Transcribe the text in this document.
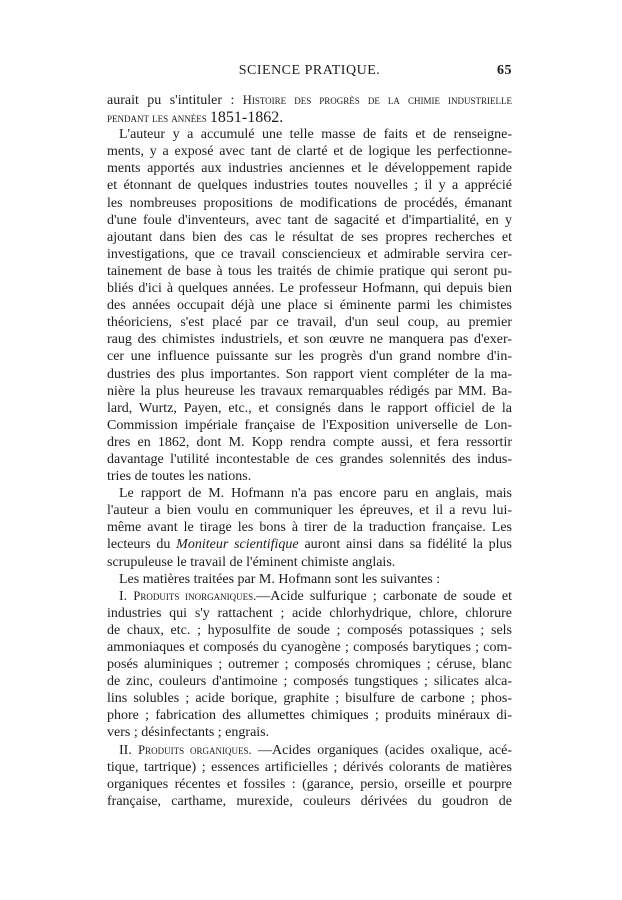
SCIENCE PRATIQUE.	65
aurait pu s'intituler : Histoire des progrès de la chimie industrielle
pendant les années 1851-1862.
L'auteur y a accumulé une telle masse de faits et de renseigne-
ments, y a exposé avec tant de clarté et de logique les perfectionne-
ments apportés aux industries anciennes et le développement rapide
et étonnant de quelques industries toutes nouvelles ; il y a apprécié
les nombreuses propositions de modifications de procédés, émanant
d'une foule d'inventeurs, avec tant de sagacité et d'impartialité, en y
ajoutant dans bien des cas le résultat de ses propres recherches et
investigations, que ce travail consciencieux et admirable servira cer-
tainement de base à tous les traités de chimie pratique qui seront pu-
bliés d'ici à quelques années. Le professeur Hofmann, qui depuis bien
des années occupait déjà une place si éminente parmi les chimistes
théoriciens, s'est placé par ce travail, d'un seul coup, au premier
raug des chimistes industriels, et son œuvre ne manquera pas d'exer-
cer une influence puissante sur les progrès d'un grand nombre d'in-
dustries des plus importantes. Son rapport vient compléter de la ma-
nière la plus heureuse les travaux remarquables rédigés par MM. Ba-
lard, Wurtz, Payen, etc., et consignés dans le rapport officiel de la
Commission impériale française de l'Exposition universelle de Lon-
dres en 1862, dont M. Kopp rendra compte aussi, et fera ressortir
davantage l'utilité incontestable de ces grandes solennités des indus-
tries de toutes les nations.
Le rapport de M. Hofmann n'a pas encore paru en anglais, mais
l'auteur a bien voulu en communiquer les épreuves, et il a revu lui-
même avant le tirage les bons à tirer de la traduction française. Les
lecteurs du Moniteur scientifique auront ainsi dans sa fidélité la plus
scrupuleuse le travail de l'éminent chimiste anglais.
Les matières traitées par M. Hofmann sont les suivantes :
I. Produits inorganiques.—Acide sulfurique ; carbonate de soude et
industries qui s'y rattachent ; acide chlorhydrique, chlore, chlorure
de chaux, etc. ; hyposulfite de soude ; composés potassiques ; sels
ammoniaques et composés du cyanogène ; composés barytiques ; com-
posés aluminiques ; outremer ; composés chromiques ; céruse, blanc
de zinc, couleurs d'antimoine ; composés tungstiques ; silicates alca-
lins solubles ; acide borique, graphite ; bisulfure de carbone ; phos-
phore ; fabrication des allumettes chimiques ; produits minéraux di-
vers ; désinfectants ; engrais.
II. Produits organiques. —Acides organiques (acides oxalique, acé-
tique, tartrique) ; essences artificielles ; dérivés colorants de matières
organiques récentes et fossiles : (garance, persio, orseille et pourpre
française, carthame, murexide, couleurs dérivées du goudron de
